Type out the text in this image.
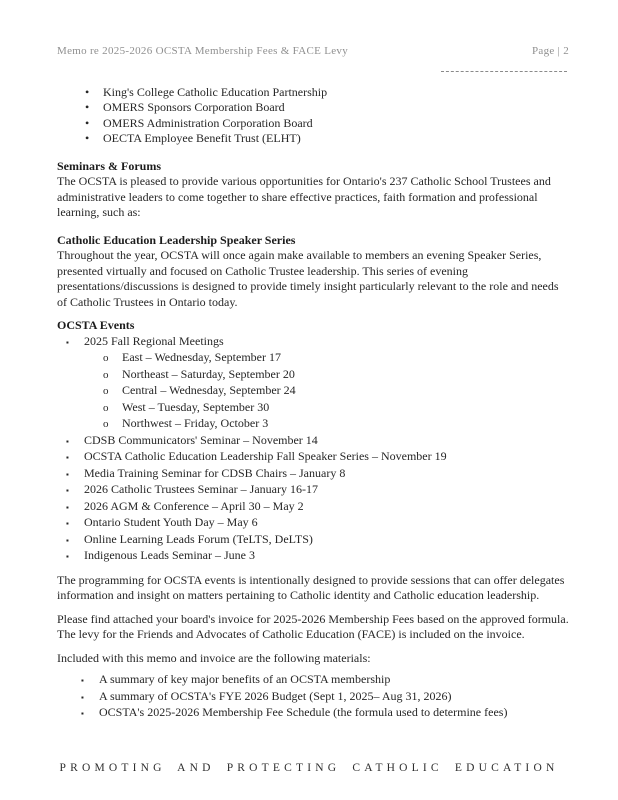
Memo re 2025-2026 OCSTA Membership Fees & FACE Levy	Page | 2
•	King's College Catholic Education Partnership
•	OMERS Sponsors Corporation Board
•	OMERS Administration Corporation Board
•	OECTA Employee Benefit Trust (ELHT)
Seminars & Forums

The OCSTA is pleased to provide various opportunities for Ontario's 237 Catholic School Trustees and administrative leaders to come together to share effective practices, faith formation and professional learning, such as:

Catholic Education Leadership Speaker Series

Throughout the year, OCSTA will once again make available to members an evening Speaker Series, presented virtually and focused on Catholic Trustee leadership. This series of evening presentations/discussions is designed to provide timely insight particularly relevant to the role and needs of Catholic Trustees in Ontario today.

OCSTA Events
▪	2025 Fall Regional Meetings
o	East – Wednesday, September 17
o	Northeast – Saturday, September 20
o	Central – Wednesday, September 24
o	West – Tuesday, September 30
o	Northwest – Friday, October 3
▪	CDSB Communicators' Seminar – November 14
▪	OCSTA Catholic Education Leadership Fall Speaker Series – November 19
▪	Media Training Seminar for CDSB Chairs – January 8
▪	2026 Catholic Trustees Seminar – January 16-17
▪	2026 AGM & Conference – April 30 – May 2
▪	Ontario Student Youth Day – May 6
▪	Online Learning Leads Forum (TeLTS, DeLTS)
▪	Indigenous Leads Seminar – June 3

The programming for OCSTA events is intentionally designed to provide sessions that can offer delegates information and insight on matters pertaining to Catholic identity and Catholic education leadership.

Please find attached your board's invoice for 2025-2026 Membership Fees based on the approved formula. The levy for the Friends and Advocates of Catholic Education (FACE) is included on the invoice.

Included with this memo and invoice are the following materials:

▪	A summary of key major benefits of an OCSTA membership
▪	A summary of OCSTA's FYE 2026 Budget (Sept 1, 2025– Aug 31, 2026)
▪	OCSTA's 2025-2026 Membership Fee Schedule (the formula used to determine fees)
PROMOTING AND PROTECTING CATHOLIC EDUCATION
